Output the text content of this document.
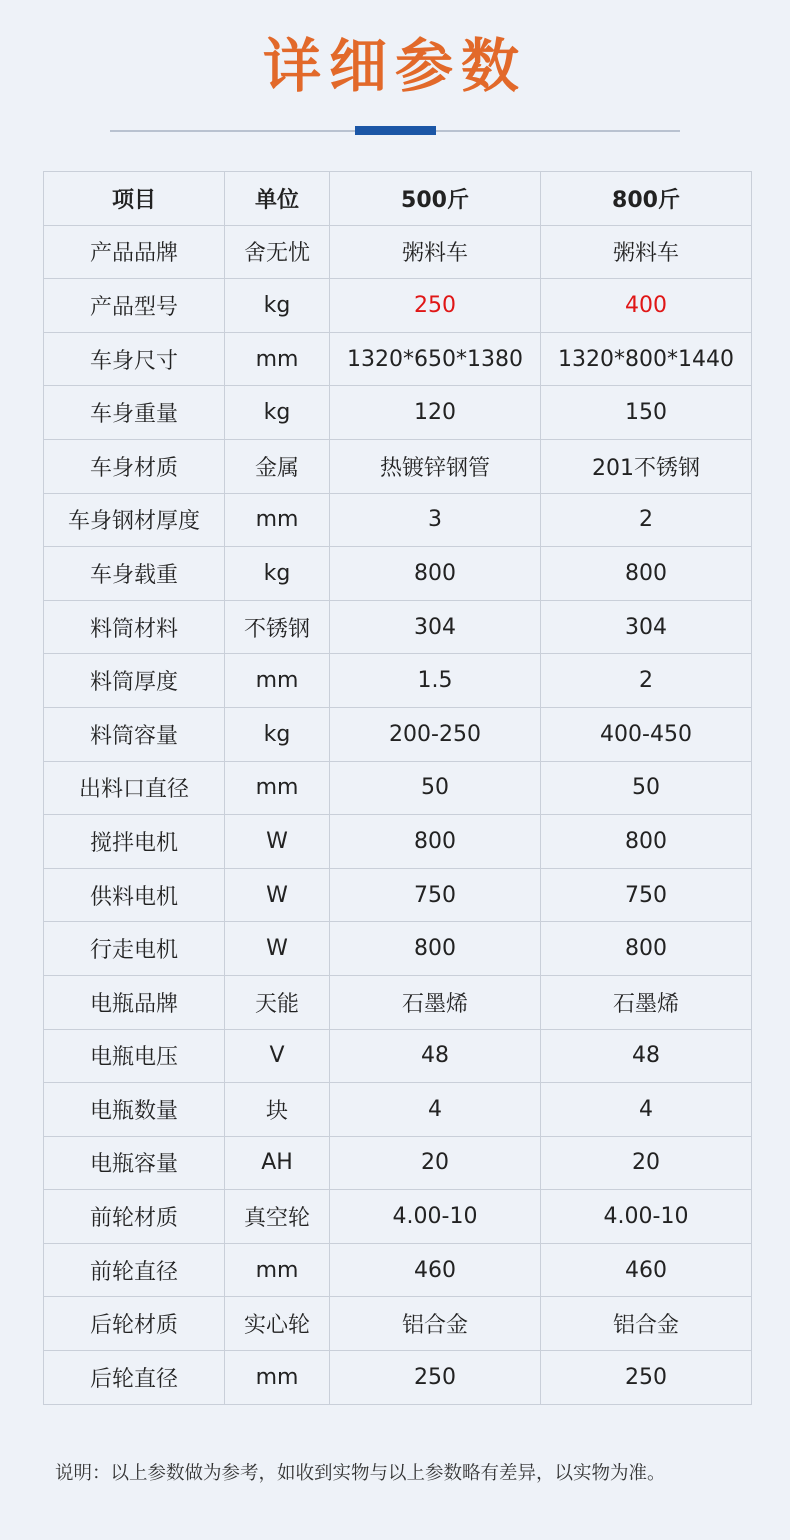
详细参数
项目	单位	500斤	800斤
产品品牌	舍无忧	粥料车	粥料车
产品型号	kg	250	400
车身尺寸	mm	1320*650*1380	1320*800*1440
车身重量	kg	120	150
车身材质	金属	热镀锌钢管	201不锈钢
车身钢材厚度	mm	3	2
车身载重	kg	800	800
料筒材料	不锈钢	304	304
料筒厚度	mm	1.5	2
料筒容量	kg	200-250	400-450
出料口直径	mm	50	50
搅拌电机	W	800	800
供料电机	W	750	750
行走电机	W	800	800
电瓶品牌	天能	石墨烯	石墨烯
电瓶电压	V	48	48
电瓶数量	块	4	4
电瓶容量	AH	20	20
前轮材质	真空轮	4.00-10	4.00-10
前轮直径	mm	460	460
后轮材质	实心轮	铝合金	铝合金
后轮直径	mm	250	250
说明：以上参数做为参考，如收到实物与以上参数略有差异，以实物为准。
